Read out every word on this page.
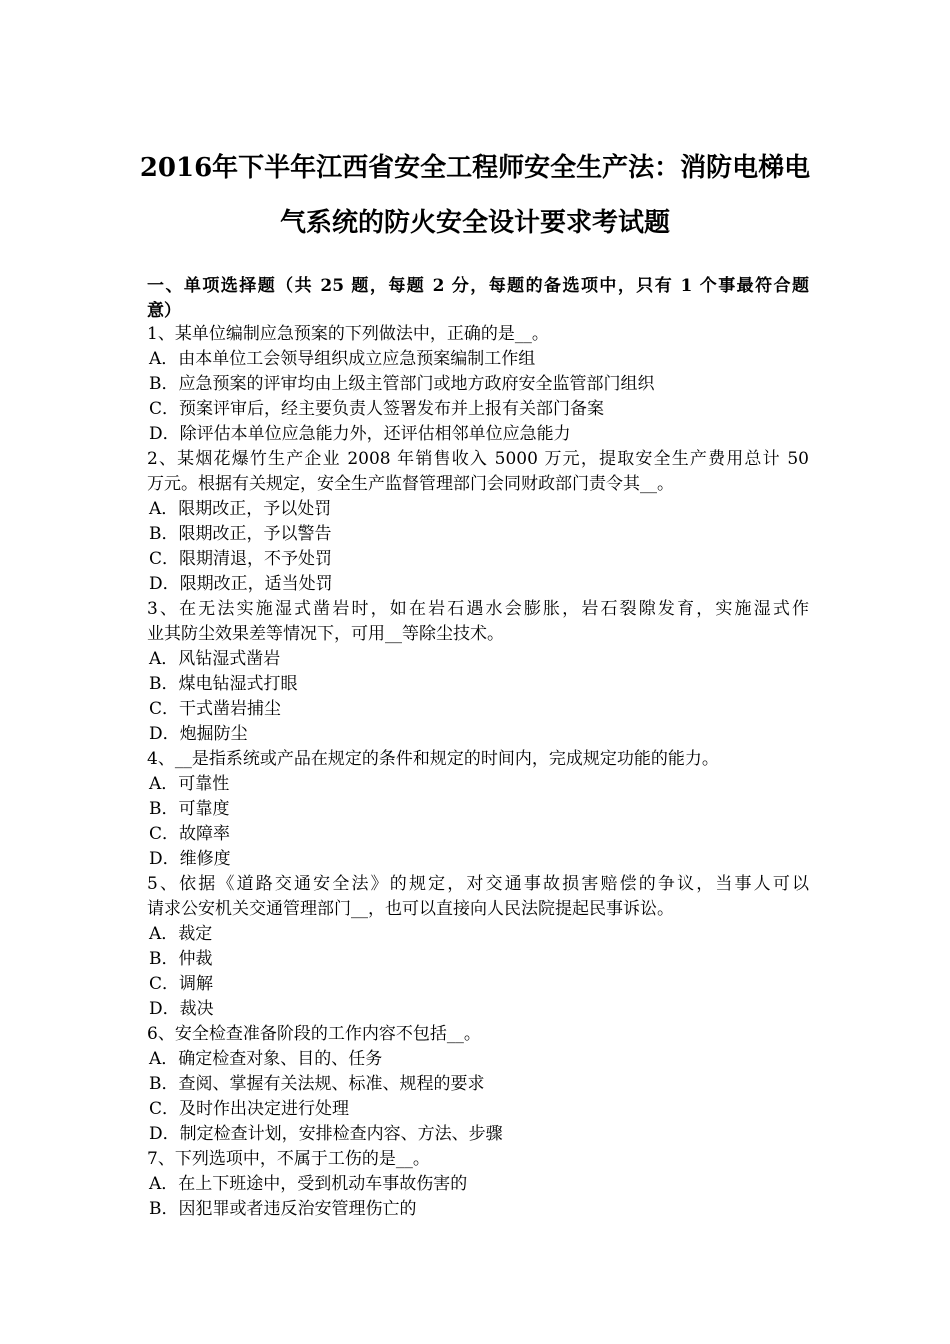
2016年下半年江西省安全工程师安全生产法：消防电梯电
气系统的防火安全设计要求考试题
一、单项选择题（共 25 题，每题 2 分，每题的备选项中，只有 1 个事最符合题
意）
1、某单位编制应急预案的下列做法中，正确的是__。
A．由本单位工会领导组织成立应急预案编制工作组
B．应急预案的评审均由上级主管部门或地方政府安全监管部门组织
C．预案评审后，经主要负责人签署发布并上报有关部门备案
D．除评估本单位应急能力外，还评估相邻单位应急能力
2、某烟花爆竹生产企业 2008 年销售收入 5000 万元，提取安全生产费用总计 50
万元。根据有关规定，安全生产监督管理部门会同财政部门责令其__。
A．限期改正，予以处罚
B．限期改正，予以警告
C．限期清退，不予处罚
D．限期改正，适当处罚
3、在无法实施湿式凿岩时，如在岩石遇水会膨胀，岩石裂隙发育，实施湿式作
业其防尘效果差等情况下，可用__等除尘技术。
A．风钻湿式凿岩
B．煤电钻湿式打眼
C．干式凿岩捕尘
D．炮掘防尘
4、__是指系统或产品在规定的条件和规定的时间内，完成规定功能的能力。
A．可靠性
B．可靠度
C．故障率
D．维修度
5、依据《道路交通安全法》的规定，对交通事故损害赔偿的争议，当事人可以
请求公安机关交通管理部门__，也可以直接向人民法院提起民事诉讼。
A．裁定
B．仲裁
C．调解
D．裁决
6、安全检查准备阶段的工作内容不包括__。
A．确定检查对象、目的、任务
B．查阅、掌握有关法规、标准、规程的要求
C．及时作出决定进行处理
D．制定检查计划，安排检查内容、方法、步骤
7、下列选项中，不属于工伤的是__。
A．在上下班途中，受到机动车事故伤害的
B．因犯罪或者违反治安管理伤亡的
